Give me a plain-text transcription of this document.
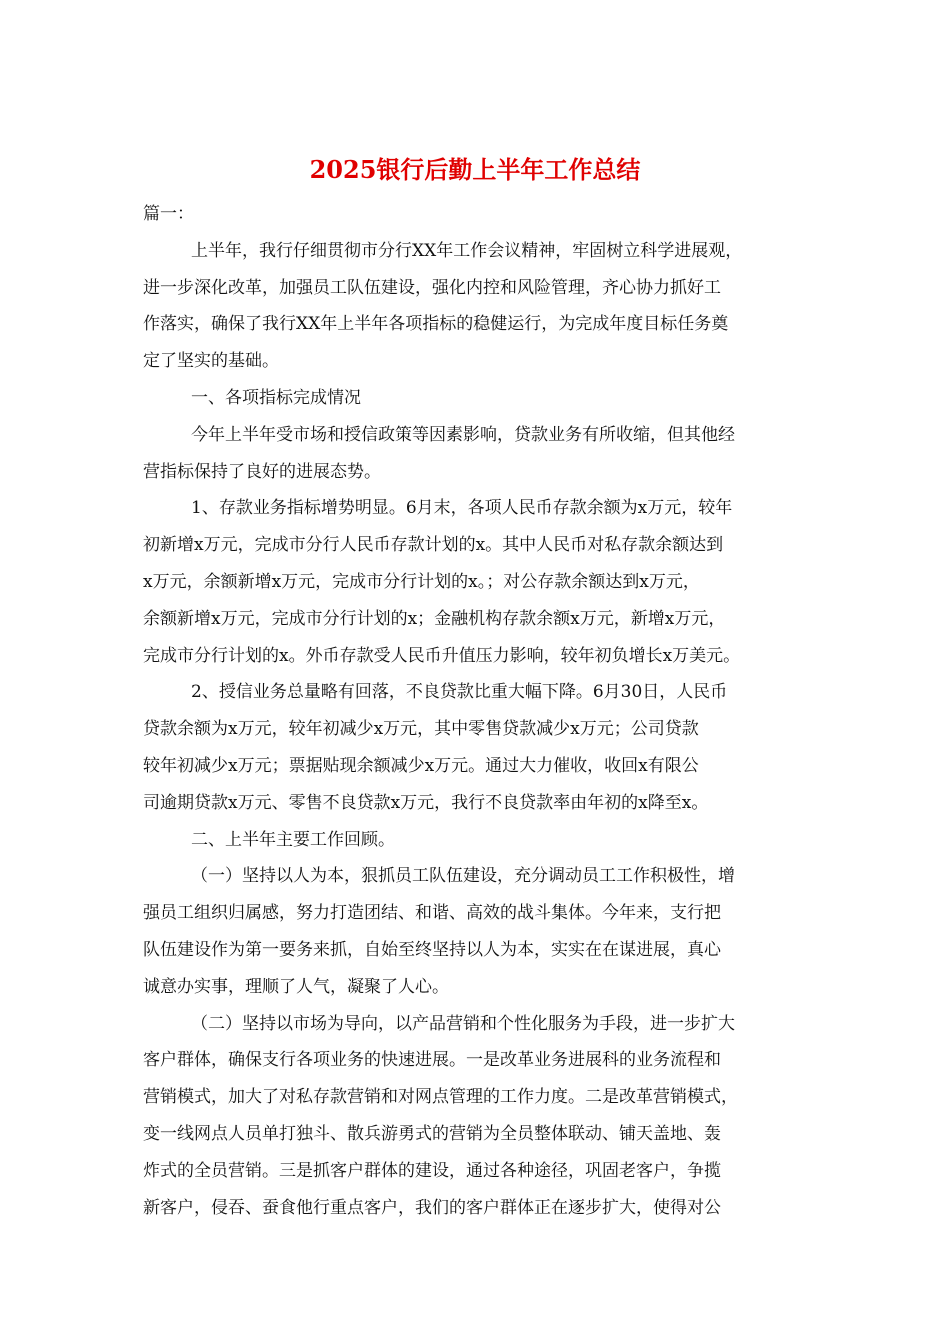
2025银行后勤上半年工作总结
篇一：
上半年，我行仔细贯彻市分行XX年工作会议精神，牢固树立科学进展观，
进一步深化改革，加强员工队伍建设，强化内控和风险管理，齐心协力抓好工
作落实，确保了我行XX年上半年各项指标的稳健运行，为完成年度目标任务奠
定了坚实的基础。
一、各项指标完成情况
今年上半年受市场和授信政策等因素影响，贷款业务有所收缩，但其他经
营指标保持了良好的进展态势。
1、存款业务指标增势明显。6月末，各项人民币存款余额为x万元，较年
初新增x万元，完成市分行人民币存款计划的x。其中人民币对私存款余额达到
x万元，余额新增x万元，完成市分行计划的x。；对公存款余额达到x万元，
余额新增x万元，完成市分行计划的x；金融机构存款余额x万元，新增x万元，
完成市分行计划的x。外币存款受人民币升值压力影响，较年初负增长x万美元。
2、授信业务总量略有回落，不良贷款比重大幅下降。6月30日，人民币
贷款余额为x万元，较年初减少x万元，其中零售贷款减少x万元；公司贷款
较年初减少x万元；票据贴现余额减少x万元。通过大力催收，收回x有限公
司逾期贷款x万元、零售不良贷款x万元，我行不良贷款率由年初的x降至x。
二、上半年主要工作回顾。
（一）坚持以人为本，狠抓员工队伍建设，充分调动员工工作积极性，增
强员工组织归属感，努力打造团结、和谐、高效的战斗集体。今年来，支行把
队伍建设作为第一要务来抓，自始至终坚持以人为本，实实在在谋进展，真心
诚意办实事，理顺了人气，凝聚了人心。
（二）坚持以市场为导向，以产品营销和个性化服务为手段，进一步扩大
客户群体，确保支行各项业务的快速进展。一是改革业务进展科的业务流程和
营销模式，加大了对私存款营销和对网点管理的工作力度。二是改革营销模式，
变一线网点人员单打独斗、散兵游勇式的营销为全员整体联动、铺天盖地、轰
炸式的全员营销。三是抓客户群体的建设，通过各种途径，巩固老客户，争揽
新客户，侵吞、蚕食他行重点客户，我们的客户群体正在逐步扩大，使得对公
